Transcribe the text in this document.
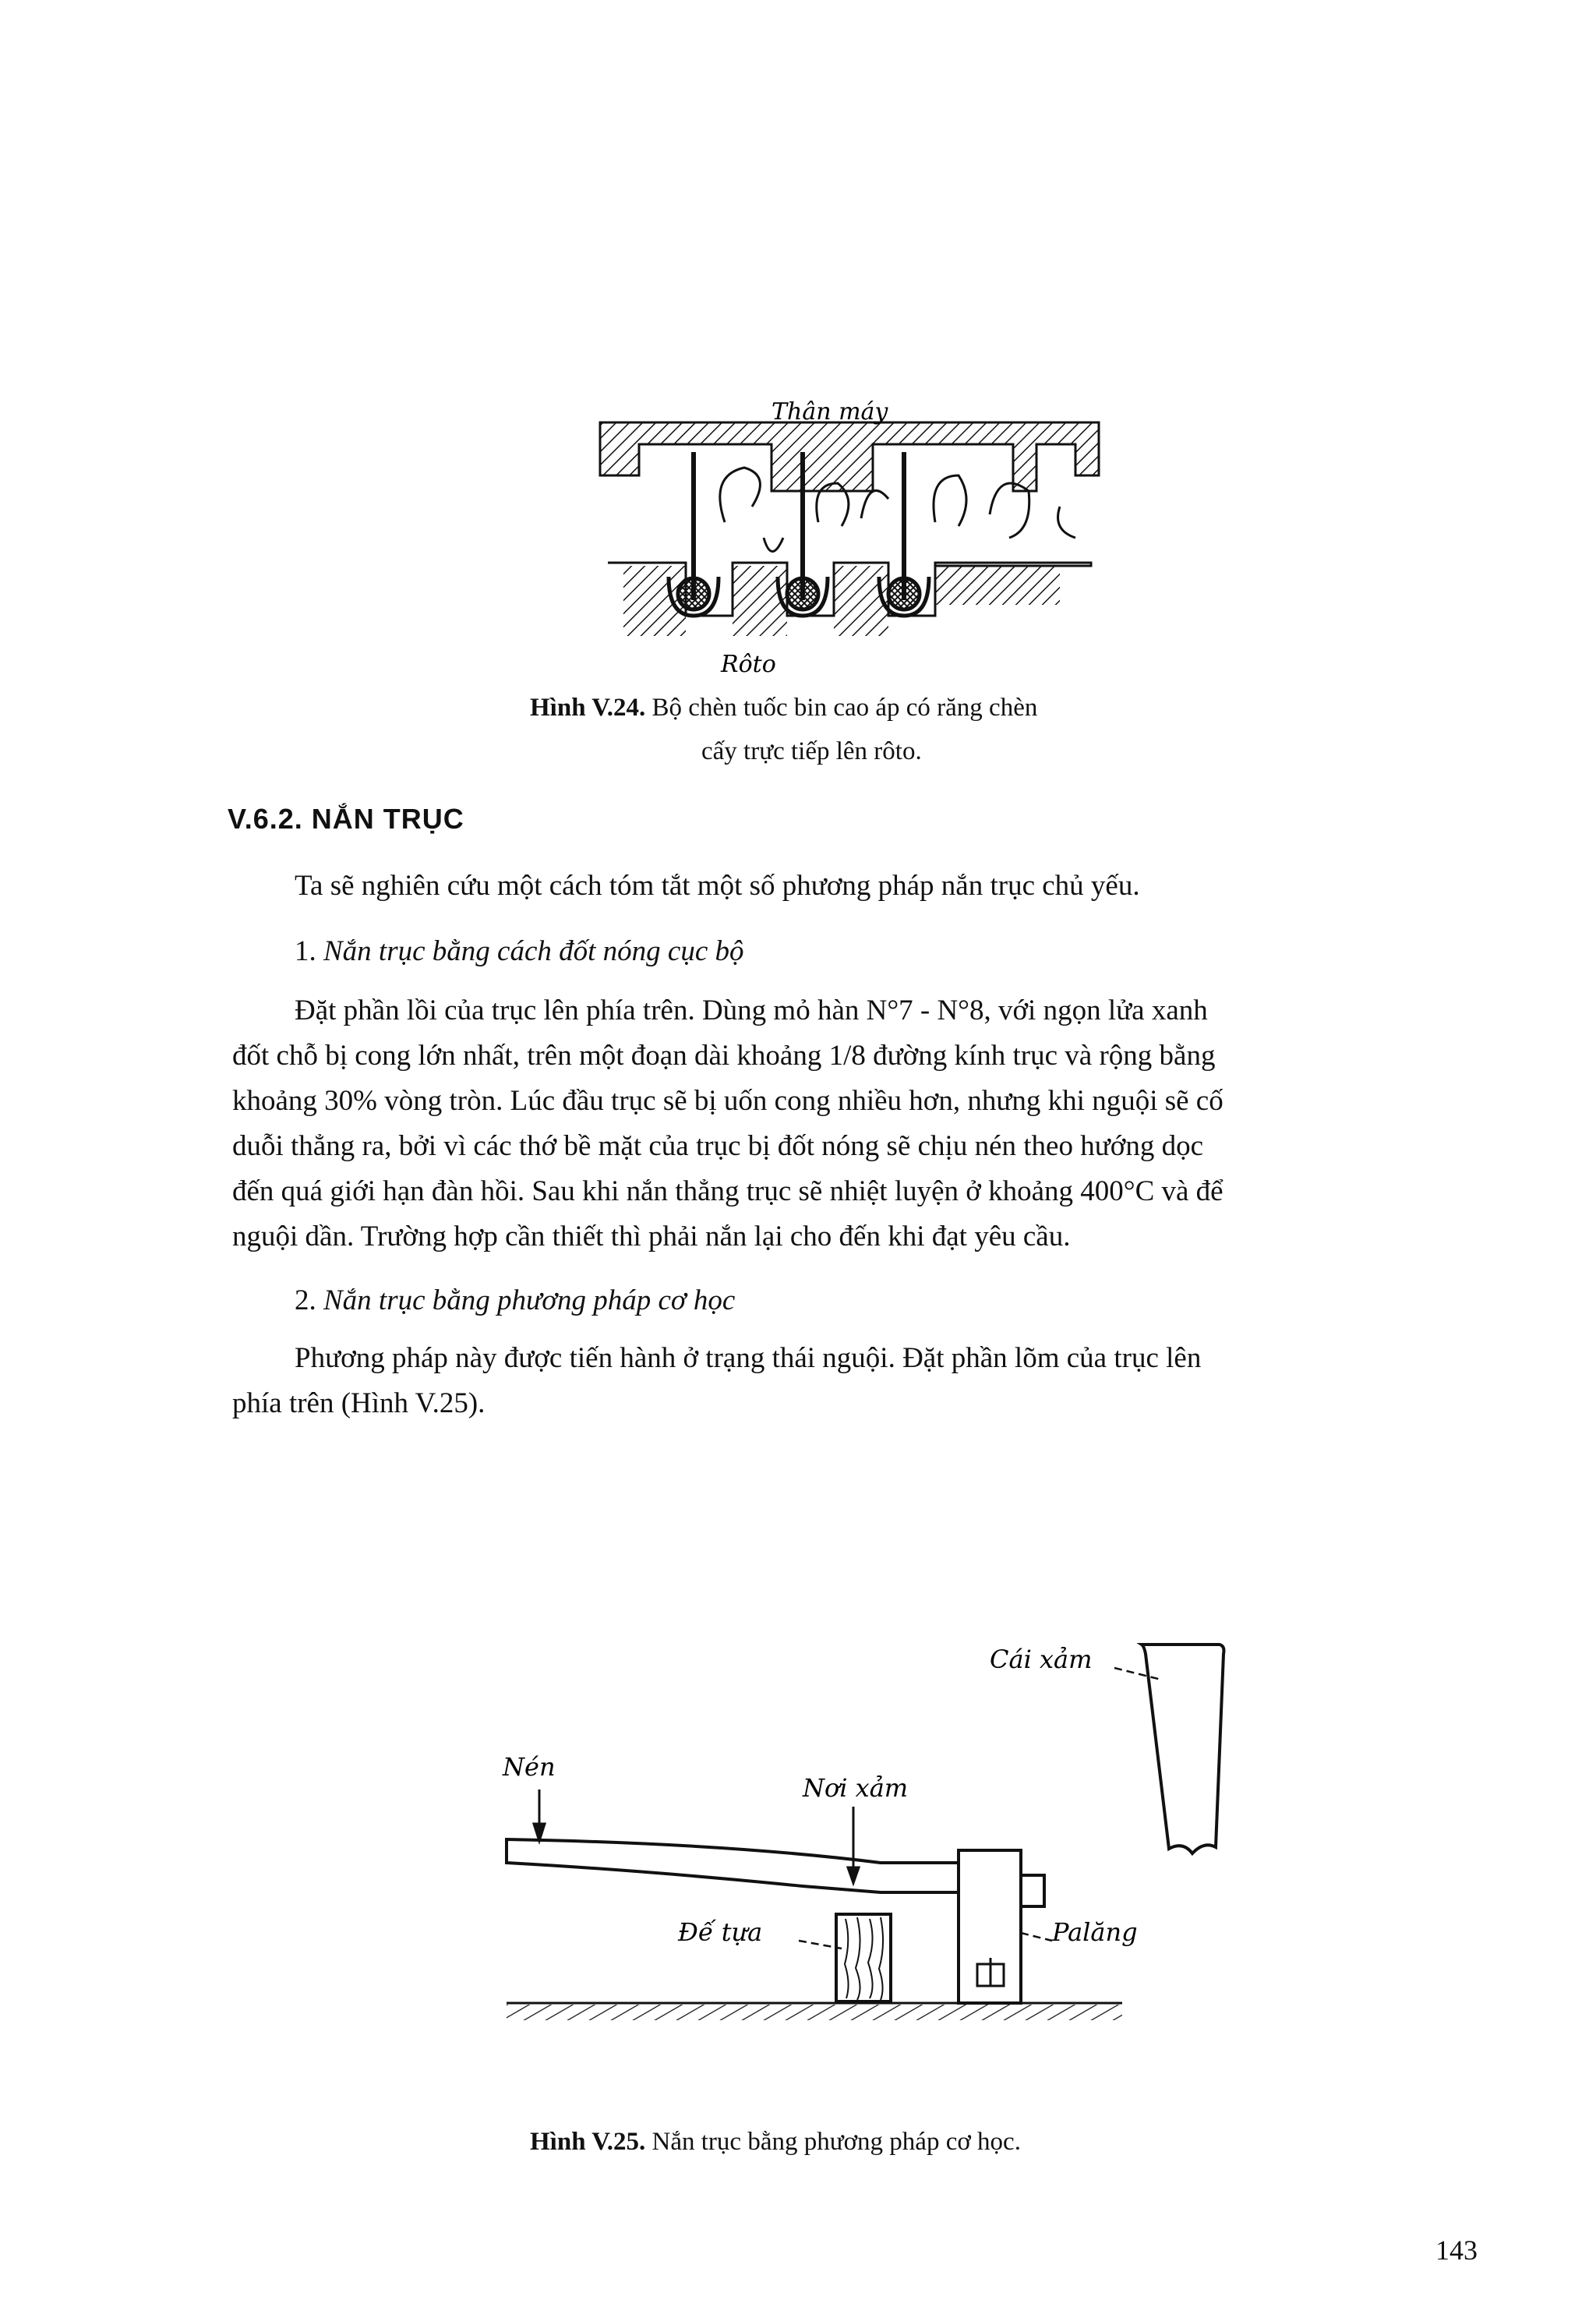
Thân máy
Rôto
Hình V.24. Bộ chèn tuốc bin cao áp có răng chèn
cấy trực tiếp lên rôto.
V.6.2. NẮN TRỤC
Ta sẽ nghiên cứu một cách tóm tắt một số phương pháp nắn trục chủ yếu.
1. Nắn trục bằng cách đốt nóng cục bộ
Đặt phần lồi của trục lên phía trên. Dùng mỏ hàn N°7 - N°8, với ngọn lửa xanh
đốt chỗ bị cong lớn nhất, trên một đoạn dài khoảng 1/8 đường kính trục và rộng bằng
khoảng 30% vòng tròn. Lúc đầu trục sẽ bị uốn cong nhiều hơn, nhưng khi nguội sẽ cố
duỗi thẳng ra, bởi vì các thớ bề mặt của trục bị đốt nóng sẽ chịu nén theo hướng dọc
đến quá giới hạn đàn hồi. Sau khi nắn thẳng trục sẽ nhiệt luyện ở khoảng 400°C và để
nguội dần. Trường hợp cần thiết thì phải nắn lại cho đến khi đạt yêu cầu.
2. Nắn trục bằng phương pháp cơ học
Phương pháp này được tiến hành ở trạng thái nguội. Đặt phần lõm của trục lên
phía trên (Hình V.25).
Cái xảm
Nén
Nơi xảm
Đế tựa	Palăng
Hình V.25. Nắn trục bằng phương pháp cơ học.
143
